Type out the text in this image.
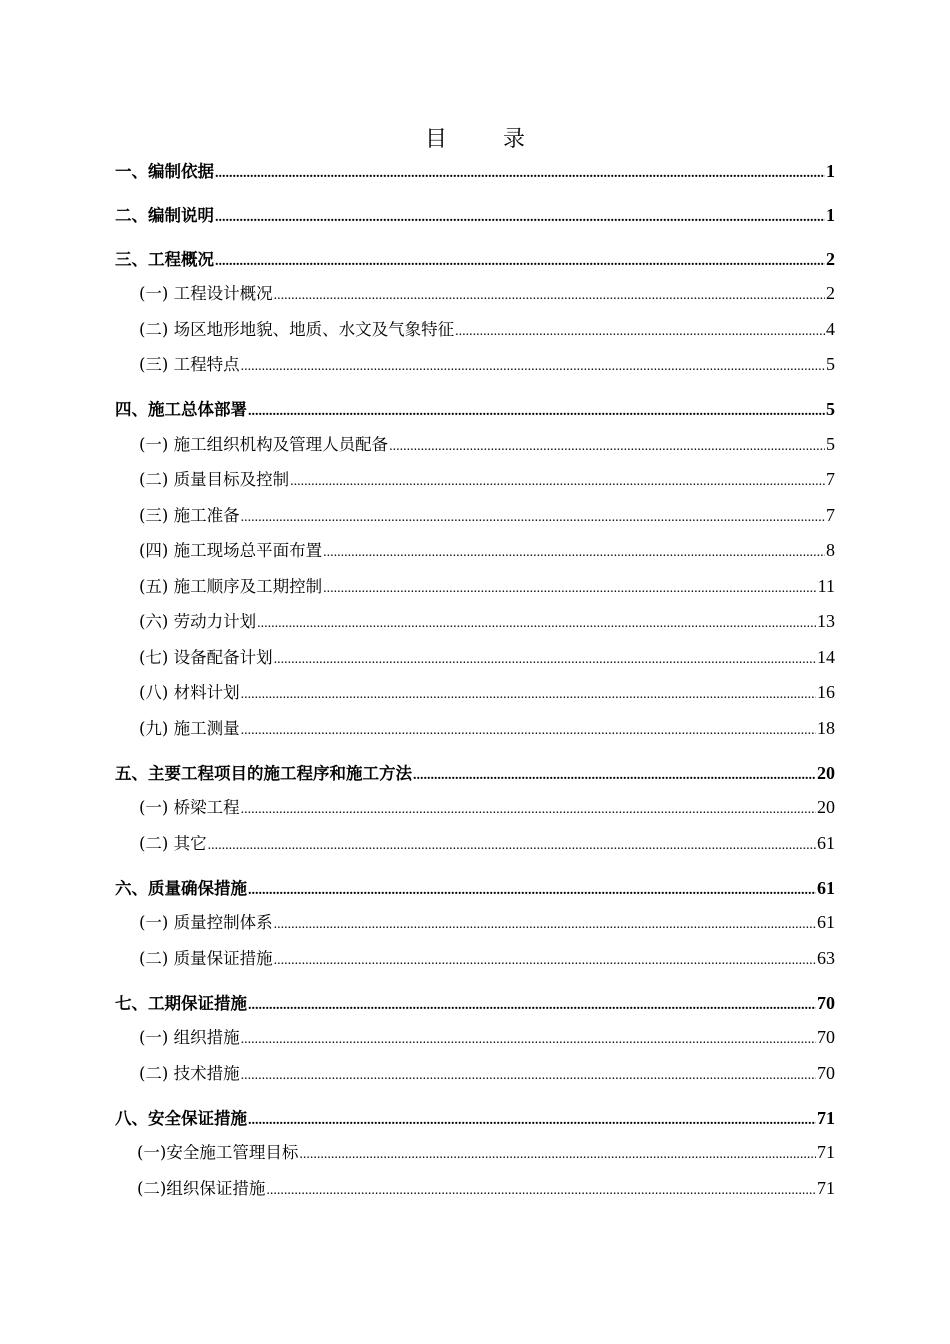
目	录
一、编制依据 .....	1
二、编制说明 .....	1
三、工程概况 .....	2
(一) 工程设计概况 .....	2
(二) 场区地形地貌、地质、水文及气象特征 .....	4
(三) 工程特点 .....	5
四、施工总体部署 .....	5
(一) 施工组织机构及管理人员配备 .....	5
(二) 质量目标及控制 .....	7
(三) 施工准备 .....	7
(四) 施工现场总平面布置 .....	8
(五) 施工顺序及工期控制 .....	11
(六) 劳动力计划 .....	13
(七) 设备配备计划 .....	14
(八) 材料计划 .....	16
(九) 施工测量 .....	18
五、主要工程项目的施工程序和施工方法 .....	20
(一) 桥梁工程 .....	20
(二) 其它 .....	61
六、质量确保措施 .....	61
(一) 质量控制体系 .....	61
(二) 质量保证措施 .....	63
七、工期保证措施 .....	70
(一) 组织措施 .....	70
(二) 技术措施 .....	70
八、安全保证措施 .....	71
(一)安全施工管理目标 .....	71
(二)组织保证措施 .....	71
